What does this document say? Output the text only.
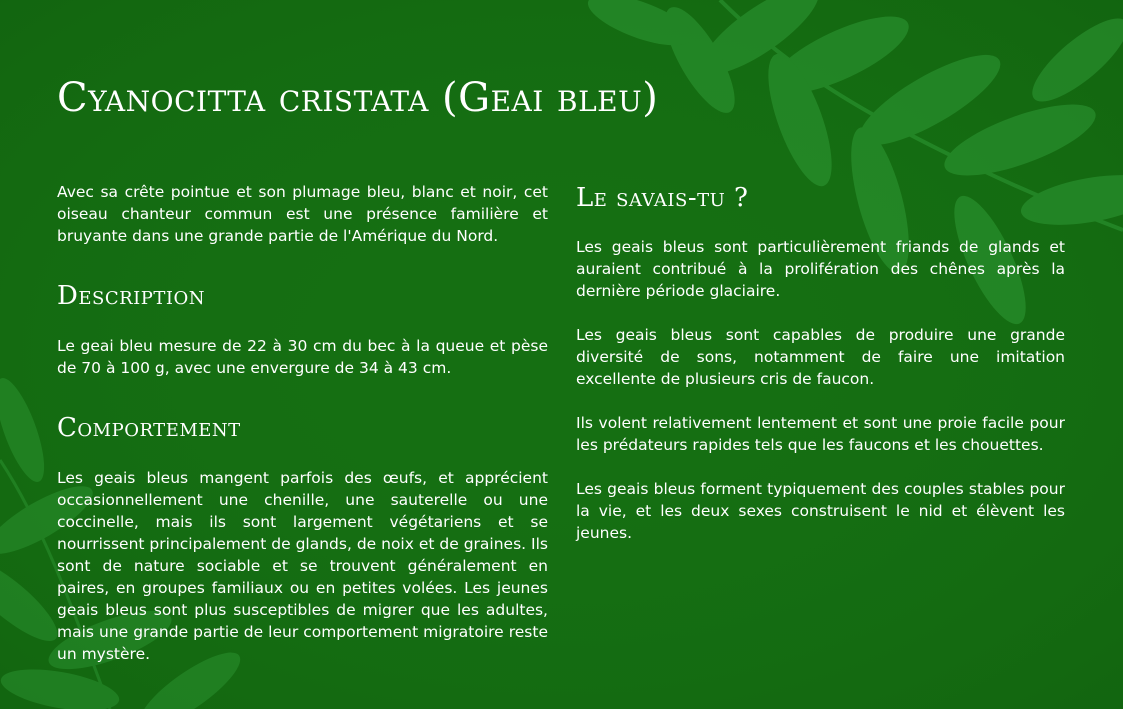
Cyanocitta cristata (Geai bleu)

Avec sa crête pointue et son plumage bleu, blanc et noir, cet oiseau chanteur commun est une présence familière et bruyante dans une grande partie de l'Amérique du Nord.

Description

Le geai bleu mesure de 22 à 30 cm du bec à la queue et pèse de 70 à 100 g, avec une envergure de 34 à 43 cm.

Comportement

Les geais bleus mangent parfois des œufs, et apprécient occasionnellement une chenille, une sauterelle ou une coccinelle, mais ils sont largement végétariens et se nourrissent principalement de glands, de noix et de graines. Ils sont de nature sociable et se trouvent généralement en paires, en groupes familiaux ou en petites volées. Les jeunes geais bleus sont plus susceptibles de migrer que les adultes, mais une grande partie de leur comportement migratoire reste un mystère.

Le savais-tu ?

Les geais bleus sont particulièrement friands de glands et auraient contribué à la prolifération des chênes après la dernière période glaciaire.

Les geais bleus sont capables de produire une grande diversité de sons, notamment de faire une imitation excellente de plusieurs cris de faucon.

Ils volent relativement lentement et sont une proie facile pour les prédateurs rapides tels que les faucons et les chouettes.

Les geais bleus forment typiquement des couples stables pour la vie, et les deux sexes construisent le nid et élèvent les jeunes.
